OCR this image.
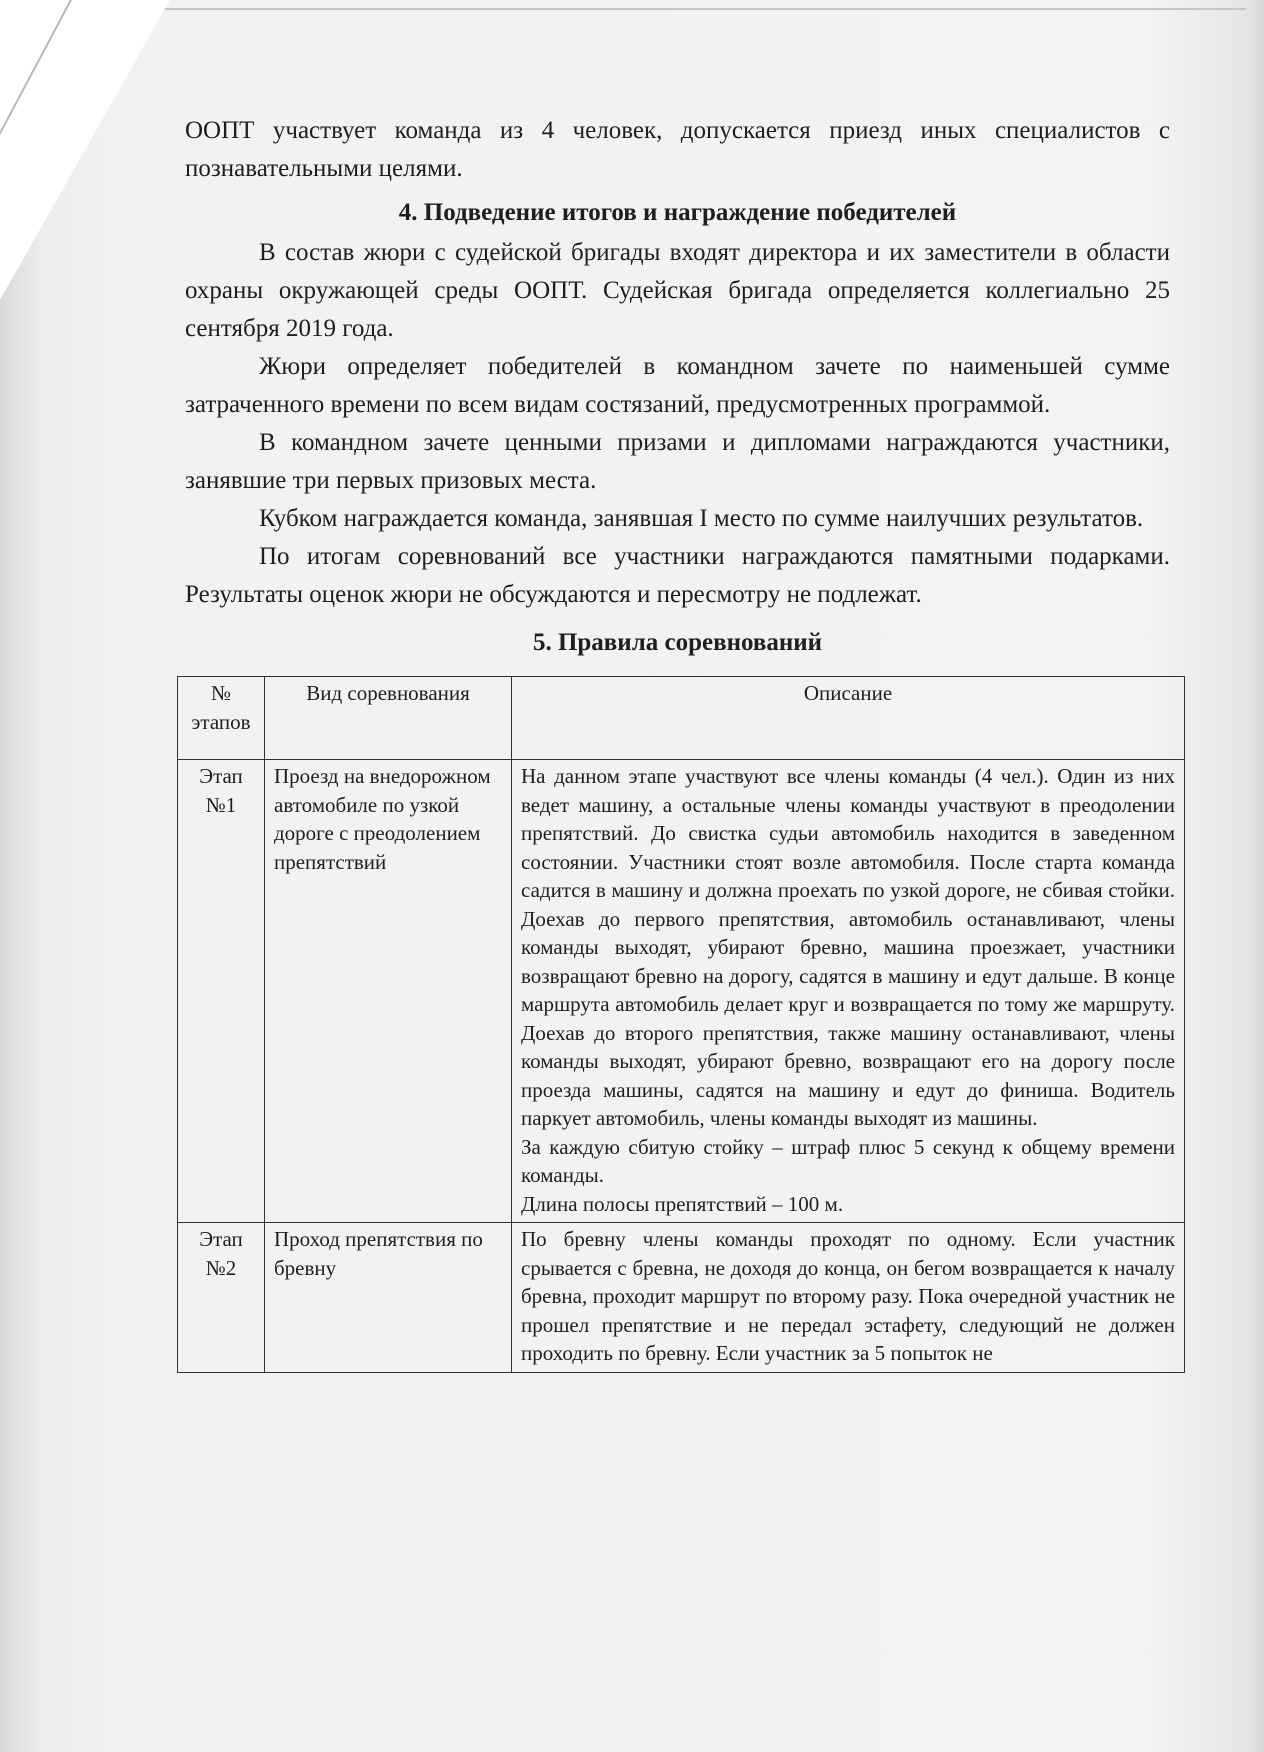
ООПТ участвует команда из 4 человек, допускается приезд иных специалистов с познавательными целями.

4. Подведение итогов и награждение победителей

В состав жюри с судейской бригады входят директора и их заместители в области охраны окружающей среды ООПТ. Судейская бригада определяется коллегиально 25 сентября 2019 года.

Жюри определяет победителей в командном зачете по наименьшей сумме затраченного времени по всем видам состязаний, предусмотренных программой.

В командном зачете ценными призами и дипломами награждаются участники, занявшие три первых призовых места.

Кубком награждается команда, занявшая I место по сумме наилучших результатов.

По итогам соревнований все участники награждаются памятными подарками. Результаты оценок жюри не обсуждаются и пересмотру не подлежат.

5. Правила соревнований
№ этапов	Вид соревнования	Описание
Этап №1	Проезд на внедорожном автомобиле по узкой дороге с преодолением препятствий	На данном этапе участвуют все члены команды (4 чел.). Один из них ведет машину, а остальные члены команды участвуют в преодолении препятствий. До свистка судьи автомобиль находится в заведенном состоянии. Участники стоят возле автомобиля. После старта команда садится в машину и должна проехать по узкой дороге, не сбивая стойки. Доехав до первого препятствия, автомобиль останавливают, члены команды выходят, убирают бревно, машина проезжает, участники возвращают бревно на дорогу, садятся в машину и едут дальше. В конце маршрута автомобиль делает круг и возвращается по тому же маршруту. Доехав до второго препятствия, также машину останавливают, члены команды выходят, убирают бревно, возвращают его на дорогу после проезда машины, садятся на машину и едут до финиша. Водитель паркует автомобиль, члены команды выходят из машины.
За каждую сбитую стойку – штраф плюс 5 секунд к общему времени команды.
Длина полосы препятствий – 100 м.

Этап №2	Проход препятствия по бревну	По бревну члены команды проходят по одному. Если участник срывается с бревна, не доходя до конца, он бегом возвращается к началу бревна, проходит маршрут по второму разу. Пока очередной участник не прошел препятствие и не передал эстафету, следующий не должен проходить по бревну. Если участник за 5 попыток не
